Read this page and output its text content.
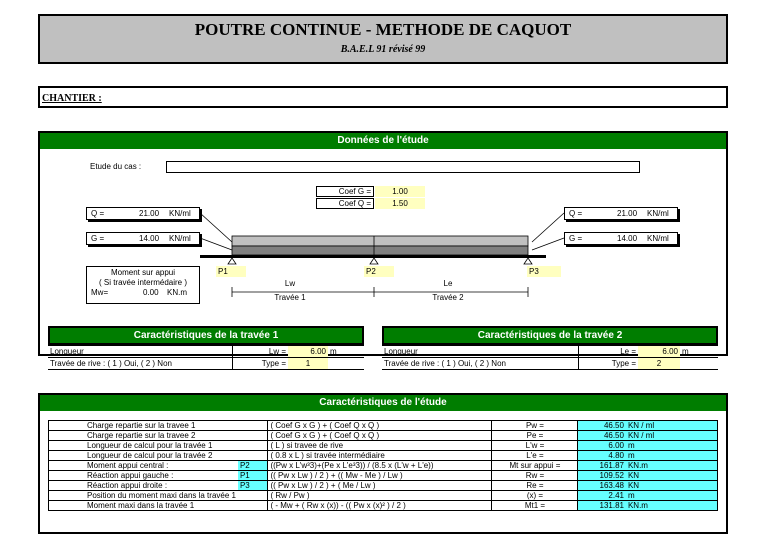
POUTRE CONTINUE - METHODE DE CAQUOT
B.A.E.L 91 révisé 99
CHANTIER :
Données de l'étude
Etude du cas :
Coef G =	1.00
Coef Q =	1.50
Q =	21.00 KN/ml
G =	14.00 KN/ml
Q =	21.00 KN/ml
G =	14.00 KN/ml
P1	P2	P3
Lw	Le
Travée 1	Travée 2
Moment sur appui
( Si travée intermédaire )
Mw=	0.00 KN.m
Caractéristiques de la travée 1
Longueur	Lw =	6.00	m
Travée de rive : ( 1 ) Oui, ( 2 ) Non	Type =	1	
Caractéristiques de la travée 2
Longueur	Le =	6.00	m
Travée de rive : ( 1 ) Oui, ( 2 ) Non	Type =	2	
Caractéristiques de l'étude
Charge repartie sur la travee 1		( Coef G x G ) + ( Coef Q x Q )	Pw =	46.50	KN / ml
Charge repartie sur la travee 2		( Coef G x G ) + ( Coef Q x Q )	Pe =	46.50	KN / ml
Longueur de calcul pour la travée 1		( L ) si travee de rive	L'w =	6.00	m
Longueur de calcul pour la travée 2		( 0.8 x L ) si travée intermédiaire	L'e =	4.80	m
Moment appui central :	P2	((Pw x L'w³3)+(Pe x L'e³3)) / (8.5 x (L'w + L'e))	Mt sur appui =	161.87	KN.m
Réaction appui gauche :	P1	(( Pw x Lw ) / 2 ) + (( Mw - Me ) / Lw )	Rw =	109.52	KN
Réaction appui droite :	P3	(( Pw x Lw ) / 2 ) + ( Me / Lw )	Re =	163.48	KN
Position du moment maxi dans la travée 1		( Rw / Pw )	(x) =	2.41	m
Moment maxi dans la travée 1		( - Mw + ( Rw x (x)) - (( Pw x (x)² ) / 2 )	Mt1 =	131.81	KN.m
